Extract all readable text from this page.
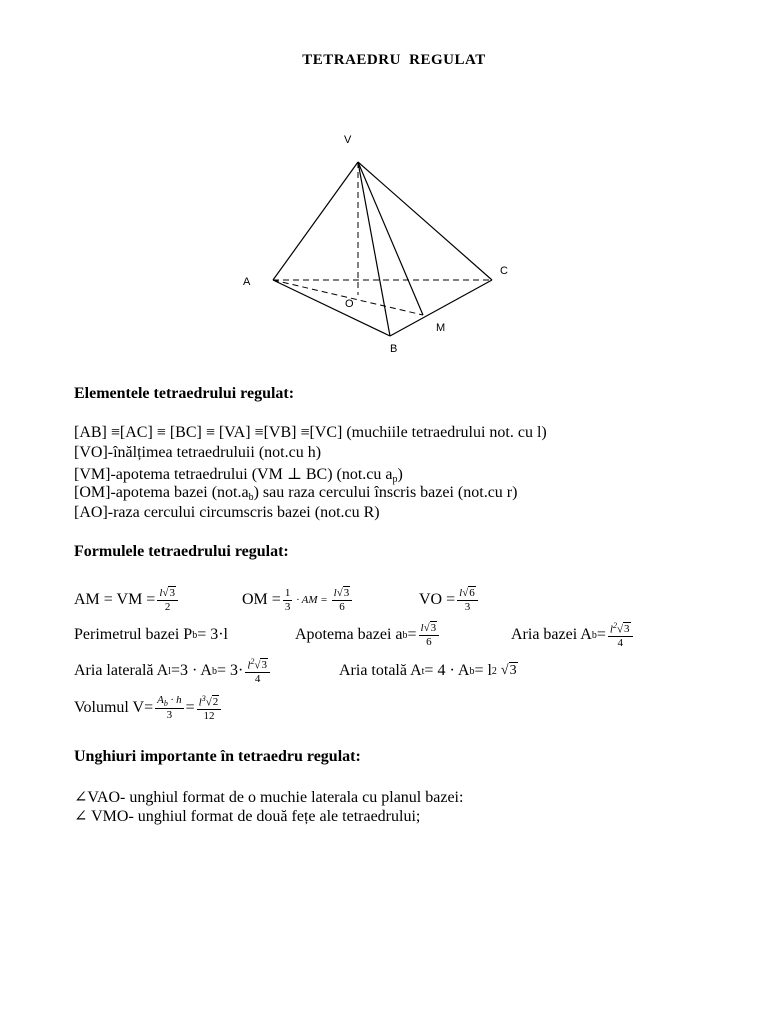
TETRAEDRU REGULAT
V
A
C
O
M
B
Elementele tetraedrului regulat:
[AB] ≡[AC] ≡ [BC] ≡ [VA] ≡[VB] ≡[VC] (muchiile tetraedrului not. cu l)
[VO]-înălțimea tetraedruluii (not.cu h)
[VM]-apotema tetraedrului (VM ⊥ BC) (not.cu $a_p$)
[OM]-apotema bazei $(not.a_b)$ sau raza cercului înscris bazei (not.cu r)
[AO]-raza cercului circumscris bazei (not.cu R)
Formulele tetraedrului regulat:
AM = VM = $\frac{l√3}{2}$	OM = $\frac{1}{3}$ · AM = $\frac{l√3}{6}$	VO = $\frac{l√6}{3}$
Perimetrul bazei P b = 3·l	Apotema bazei a $b = \frac{l√3}{6}$	Aria bazei A $b = \frac{l^2√3}{4}$
Aria laterală A l =3 · A $b = 3\cdot \frac{l^2√3}{4}$	Aria totală A t = 4 · A b = l 2
√3
Volumul $V= \frac{A_b \cdot h}{3} = \frac{l^3√2}{12}$
Unghiuri importante în tetraedru regulat:
∠VAO- unghiul format de o muchie laterala cu planul bazei:
∠ VMO- unghiul format de două fețe ale tetraedrului;
